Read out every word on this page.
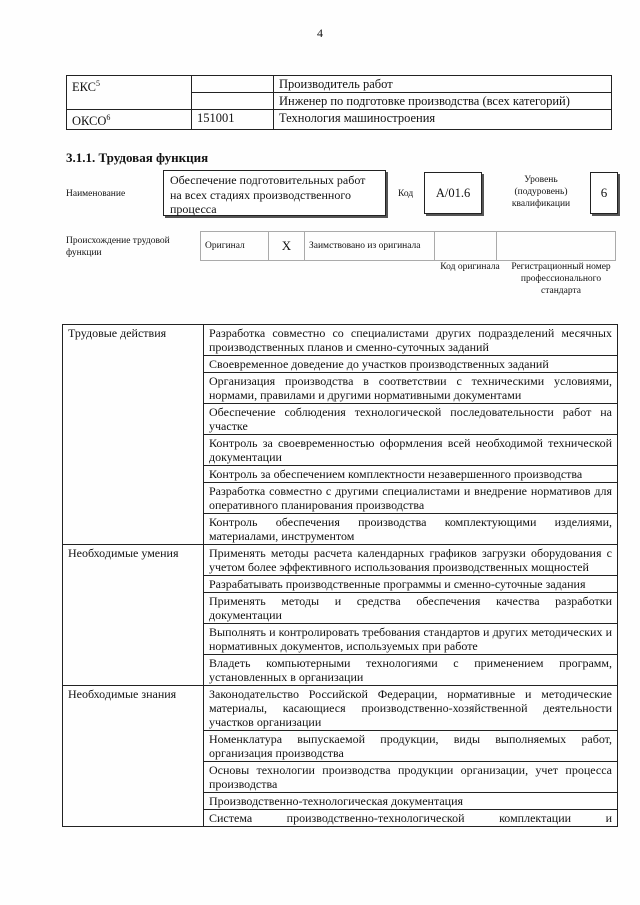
4
ЕКС$^5$		Производитель работ
		Инженер по подготовке производства (всех категорий)
ОКСО$^6$	151001	Технология машиностроения
3.1.1. Трудовая функция
Наименование
Обеспечение подготовительных работ на всех стадиях производственного процесса
Код	A/01.6
Уровень (подуровень) квалификации
6
Происхождение трудовой функции
Оригинал	X	Заимствовано из оригинала		
Код оригинала	Регистрационный номер профессионального стандарта
Трудовые действия	Разработка совместно со специалистами других подразделений месячных производственных планов и сменно-суточных заданий
	Своевременное доведение до участков производственных заданий
	Организация производства в соответствии с техническими условиями, нормами, правилами и другими нормативными документами
	Обеспечение соблюдения технологической последовательности работ на участке
	Контроль за своевременностью оформления всей необходимой технической документации
	Контроль за обеспечением комплектности незавершенного производства
	Разработка совместно с другими специалистами и внедрение нормативов для оперативного планирования производства
	Контроль обеспечения производства комплектующими изделиями, материалами, инструментом
Необходимые умения	Применять методы расчета календарных графиков загрузки оборудования с учетом более эффективного использования производственных мощностей
	Разрабатывать производственные программы и сменно-суточные задания
	Применять методы и средства обеспечения качества разработки документации
	Выполнять и контролировать требования стандартов и других методических и нормативных документов, используемых при работе
	Владеть компьютерными технологиями с применением программ, установленных в организации
Необходимые знания	Законодательство Российской Федерации, нормативные и методические материалы, касающиеся производственно-хозяйственной деятельности участков организации
	Номенклатура выпускаемой продукции, виды выполняемых работ, организация производства
	Основы технологии производства продукции организации, учет процесса производства
	Производственно-технологическая документация
	Система производственно-технологической комплектации и
